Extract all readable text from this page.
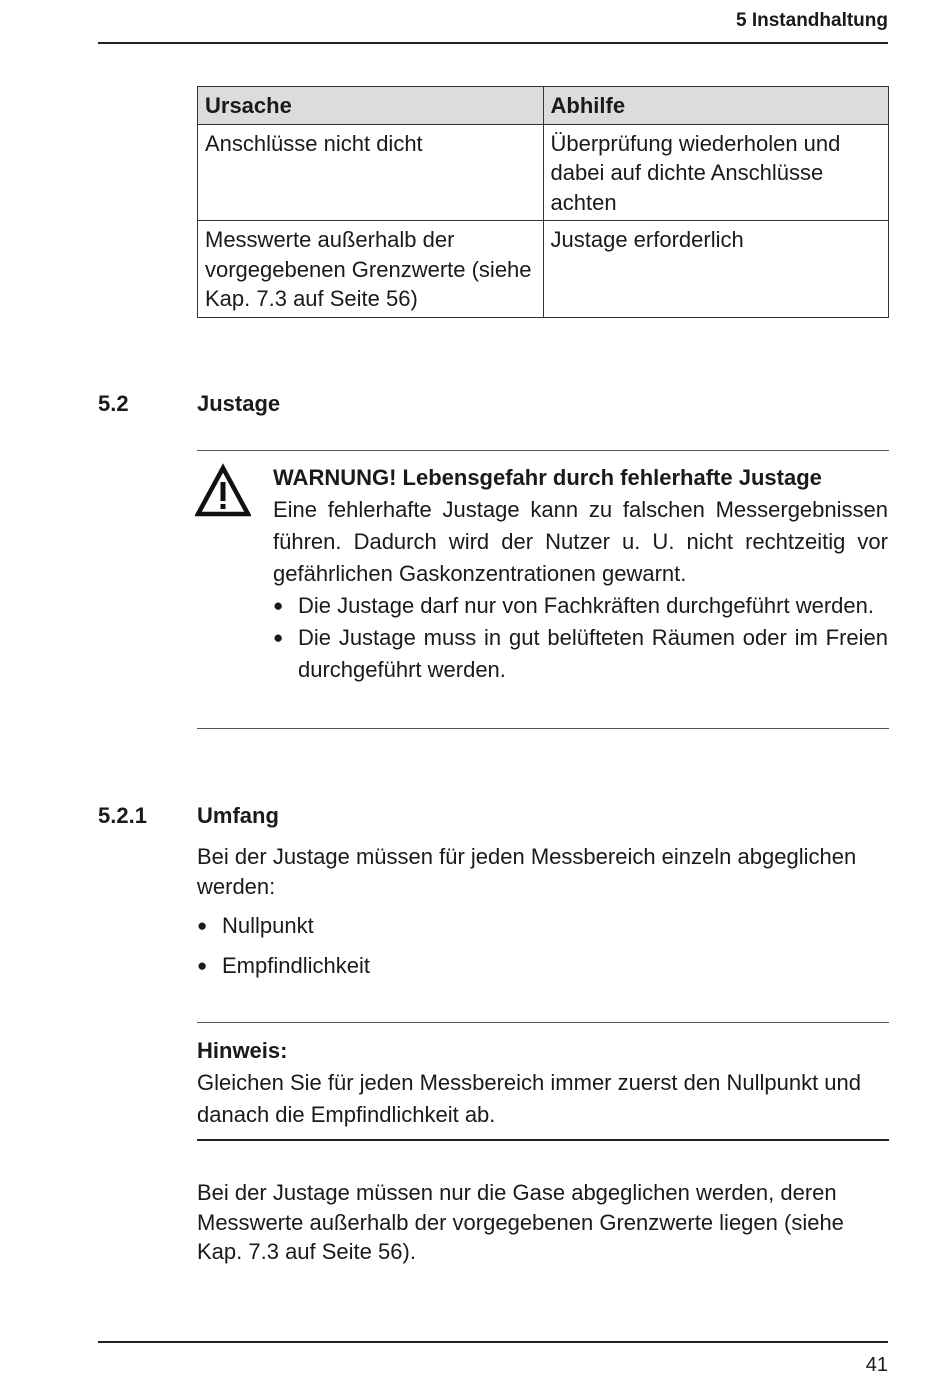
5 Instandhaltung
Ursache	Abhilfe
Anschlüsse nicht dicht	Überprüfung wiederholen und dabei auf dichte Anschlüsse achten
Messwerte außerhalb der vorgegebenen Grenzwerte (siehe Kap. 7.3 auf Seite 56)	Justage erforderlich
5.2	Justage
WARNUNG! Lebensgefahr durch fehlerhafte Justage
Eine fehlerhafte Justage kann zu falschen Messergebnissen führen. Dadurch wird der Nutzer u. U. nicht rechtzeitig vor gefährlichen Gaskonzentrationen gewarnt.
● Die Justage darf nur von Fachkräften durchgeführt werden.
● Die Justage muss in gut belüfteten Räumen oder im Freien durchgeführt werden.
5.2.1 Umfang
Bei der Justage müssen für jeden Messbereich einzeln abgeglichen werden:
● Nullpunkt
● Empfindlichkeit
Hinweis:
Gleichen Sie für jeden Messbereich immer zuerst den Nullpunkt und danach die Empfindlichkeit ab.
Bei der Justage müssen nur die Gase abgeglichen werden, deren Messwerte außerhalb der vorgegebenen Grenzwerte liegen (siehe Kap. 7.3 auf Seite 56).
41
